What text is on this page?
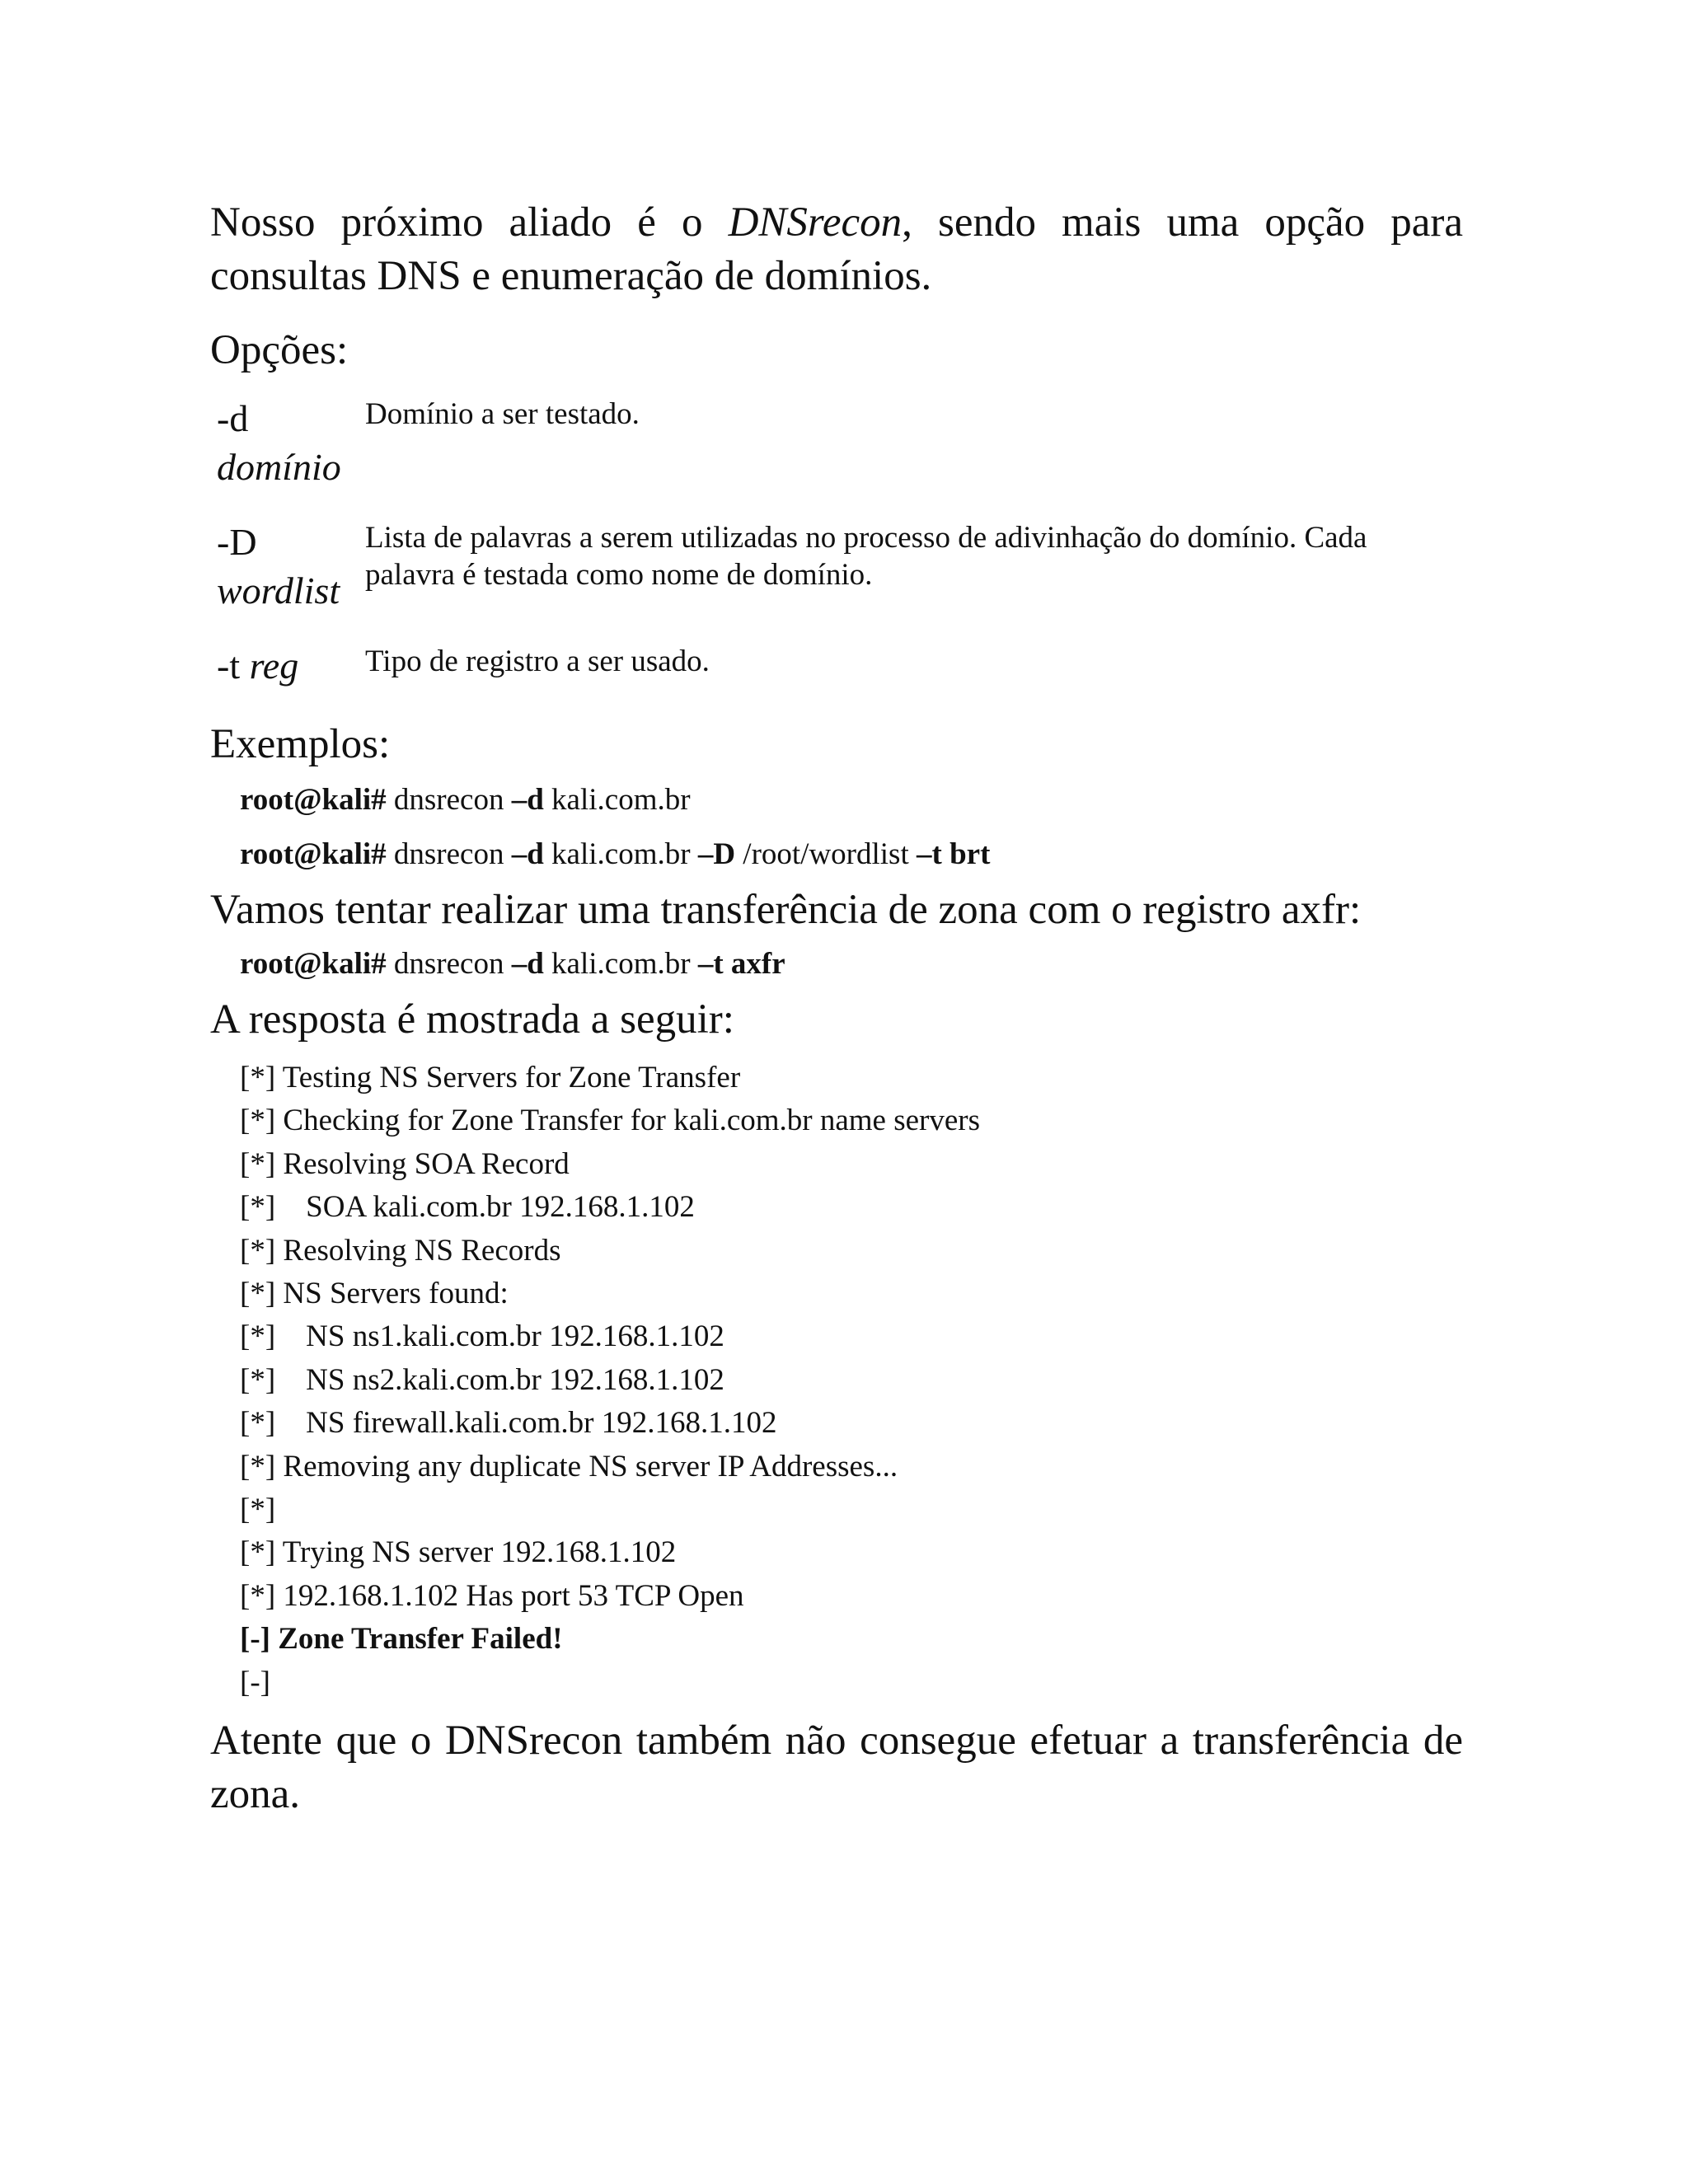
Nosso próximo aliado é o DNSrecon, sendo mais uma opção para consultas DNS e enumeração de domínios.

Opções:

-d
domínio
Domínio a ser testado.
-D
wordlist
Lista de palavras a serem utilizadas no processo de adivinhação do domínio. Cada palavra é testada como nome de domínio.
-t reg	Tipo de registro a ser usado.

Exemplos:

root@kali# dnsrecon –d kali.com.br
root@kali# dnsrecon –d kali.com.br –D /root/wordlist –t brt

Vamos tentar realizar uma transferência de zona com o registro axfr:

root@kali# dnsrecon –d kali.com.br –t axfr

A resposta é mostrada a seguir:

[*] Testing NS Servers for Zone Transfer
[*] Checking for Zone Transfer for kali.com.br name servers
[*] Resolving SOA Record
[*]    SOA kali.com.br 192.168.1.102
[*] Resolving NS Records
[*] NS Servers found:
[*]    NS ns1.kali.com.br 192.168.1.102
[*]    NS ns2.kali.com.br 192.168.1.102
[*]    NS firewall.kali.com.br 192.168.1.102
[*] Removing any duplicate NS server IP Addresses...
[*]
[*] Trying NS server 192.168.1.102
[*] 192.168.1.102 Has port 53 TCP Open
[-] Zone Transfer Failed!
[-]

Atente que o DNSrecon também não consegue efetuar a transferência de zona.
